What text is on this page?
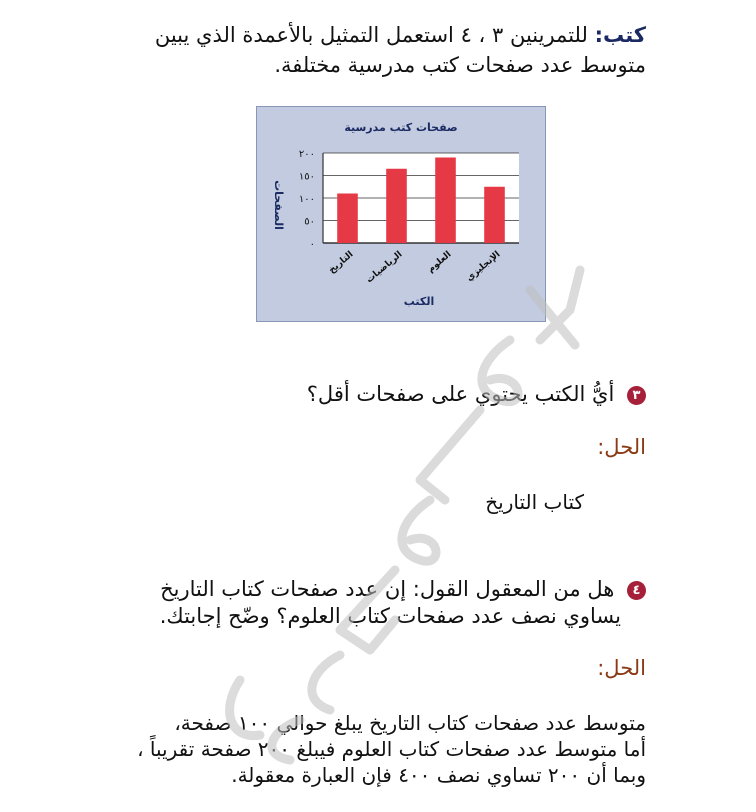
كتب: للتمرينين ٣ ، ٤ استعمل التمثيل بالأعمدة الذي يبين
متوسط عدد صفحات كتب مدرسية مختلفة.
صفحات كتب مدرسية
الصفحات
الكتب
٠
٥٠
١٠٠
١٥٠
٢٠٠
التاريخ الرياضيات العلوم الإنجليزي
٣ أيُّ الكتب يحتوي على صفحات أقل؟
الحل:
كتاب التاريخ
٤ هل من المعقول القول: إن عدد صفحات كتاب التاريخ
يساوي نصف عدد صفحات كتاب العلوم؟ وضّح إجابتك.
الحل:
متوسط عدد صفحات كتاب التاريخ يبلغ حوالي ١٠٠ صفحة،
أما متوسط عدد صفحات كتاب العلوم فيبلغ ٢٠٠ صفحة تقريباً ،
وبما أن ٢٠٠ تساوي نصف ٤٠٠ فإن العبارة معقولة.
